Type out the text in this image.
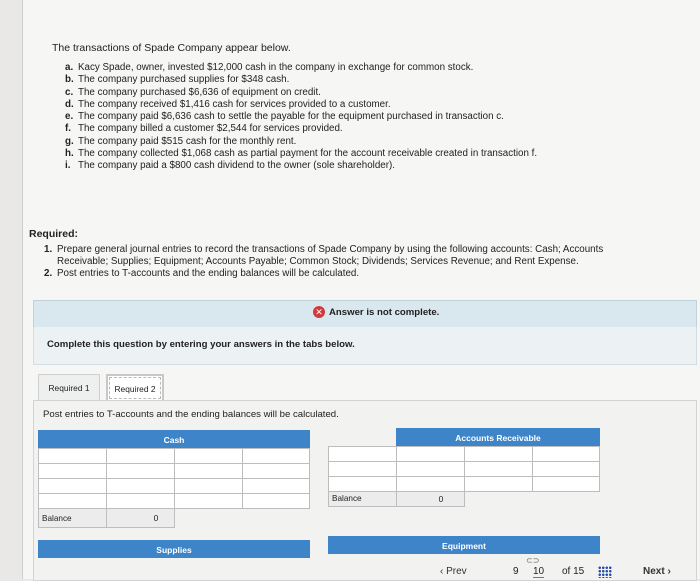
The transactions of Spade Company appear below.
a. Kacy Spade, owner, invested $12,000 cash in the company in exchange for common stock.
b. The company purchased supplies for $348 cash.
c. The company purchased $6,636 of equipment on credit.
d. The company received $1,416 cash for services provided to a customer.
e. The company paid $6,636 cash to settle the payable for the equipment purchased in transaction c.
f. The company billed a customer $2,544 for services provided.
g. The company paid $515 cash for the monthly rent.
h. The company collected $1,068 cash as partial payment for the account receivable created in transaction f.
i. The company paid a $800 cash dividend to the owner (sole shareholder).
Required:
1. Prepare general journal entries to record the transactions of Spade Company by using the following accounts: Cash; Accounts
Receivable; Supplies; Equipment; Accounts Payable; Common Stock; Dividends; Services Revenue; and Rent Expense.
2. Post entries to T-accounts and the ending balances will be calculated.
✕ Answer is not complete.
Complete this question by entering your answers in the tabs below.
Required 1	Required 2
Post entries to T-accounts and the ending balances will be calculated.
Cash
Balance	0
Accounts Receivable
Balance	0
Supplies	Equipment
‹ Prev
⊂⊃
9 10 of 15	Next ›
